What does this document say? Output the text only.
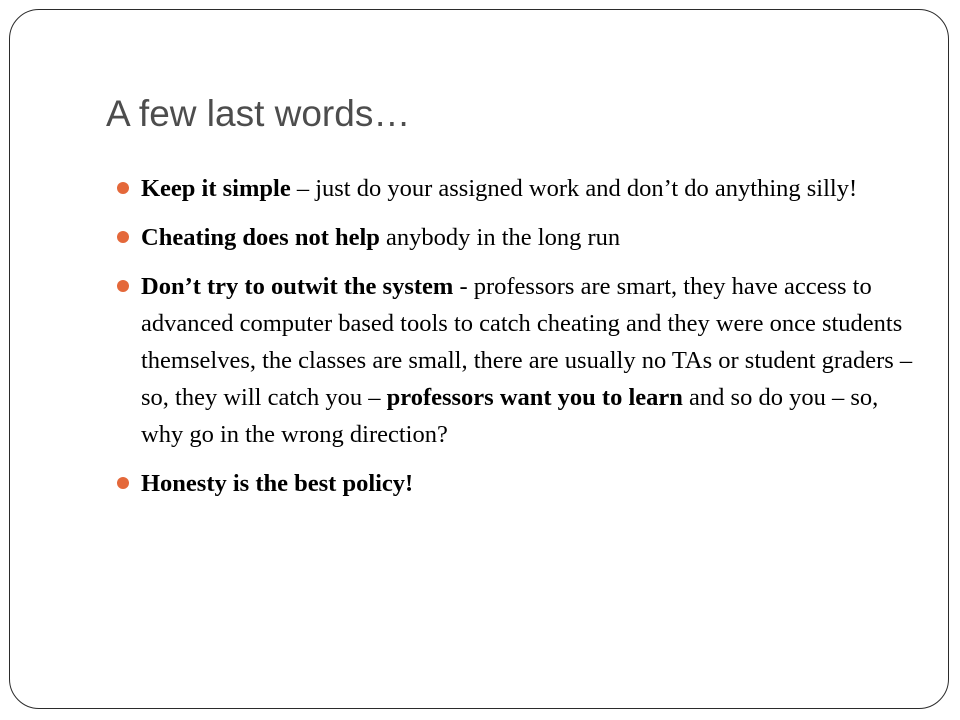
A few last words…
Keep it simple – just do your assigned work and don’t do anything silly!
Cheating does not help anybody in the long run
Don’t try to outwit the system - professors are smart, they have access to advanced computer based tools to catch cheating and they were once students themselves, the classes are small, there are usually no TAs or student graders – so, they will catch you – professors want you to learn and so do you – so, why go in the wrong direction?
Honesty is the best policy!
